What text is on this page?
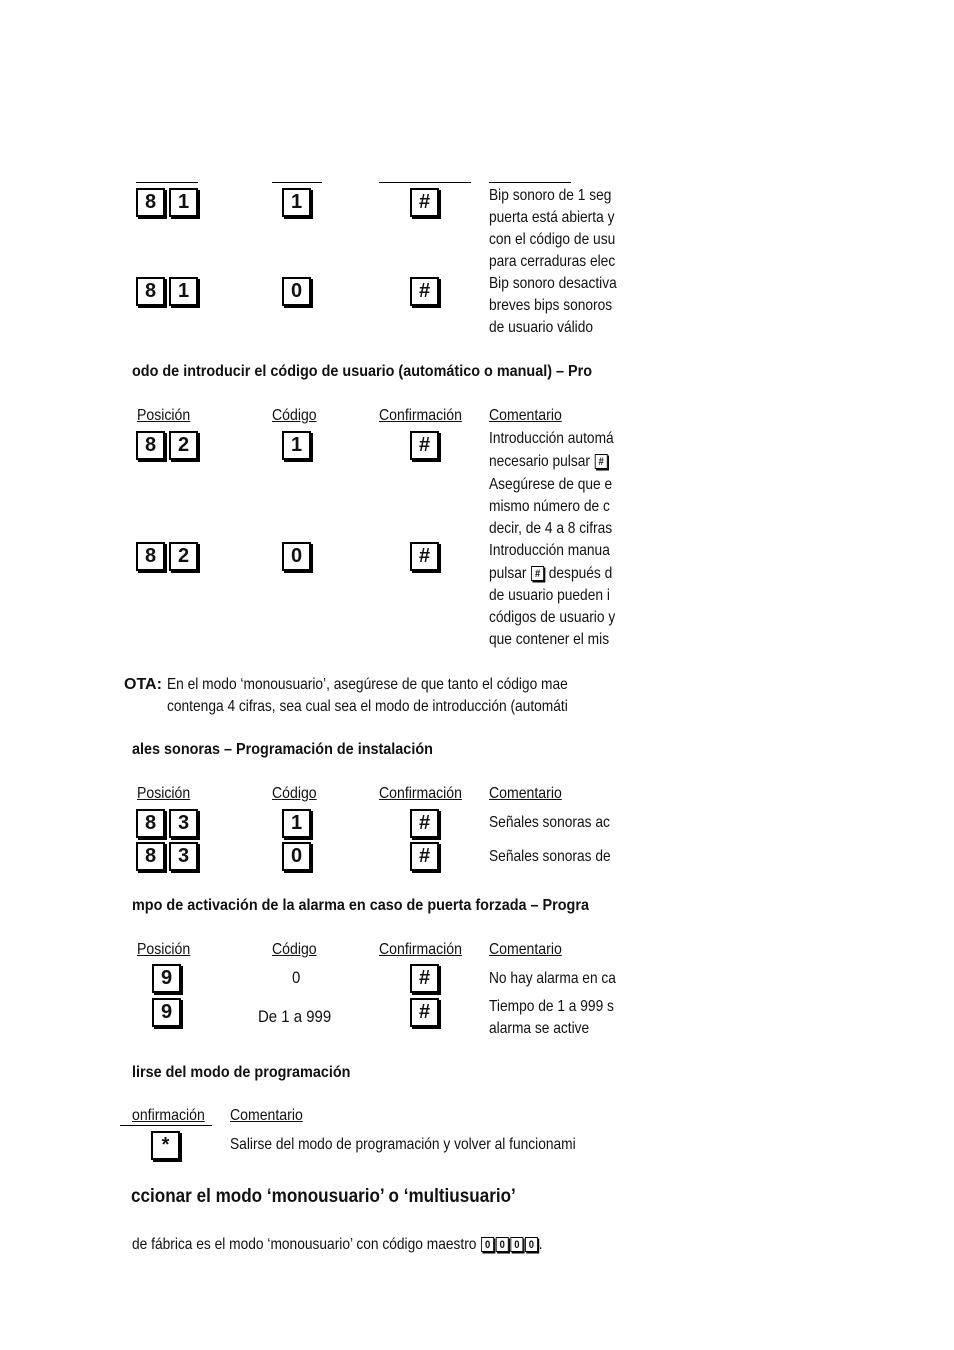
8	1	1	#	Bip sonoro de 1 seg
puerta está abierta y
con el código de usu
para cerraduras elec
8	1	0	#	Bip sonoro desactiva
breves bips sonoros
de usuario válido
odo de introducir el código de usuario (automático o manual) – Pro
Posición	Código	Confirmación Comentario
8	2	1	#	Introducción automá
necesario pulsar #
Asegúrese de que e
mismo número de c
decir, de 4 a 8 cifras
8	2	0	#	Introducción manua
pulsar # después d
de usuario pueden i
códigos de usuario y
que contener el mis
OTA: En el modo ‘monousuario’, asegúrese de que tanto el código mae
contenga 4 cifras, sea cual sea el modo de introducción (automáti
ales sonoras – Programación de instalación
Posición	Código	Confirmación Comentario
8	3	1	#	Señales sonoras ac
8	3	0	#	Señales sonoras de
mpo de activación de la alarma en caso de puerta forzada – Progra
Posición	Código	Confirmación Comentario
9	0	#	No hay alarma en ca
9	De 1 a 999	#	Tiempo de 1 a 999 s
alarma se active
lirse del modo de programación
onfirmación Comentario
*	Salirse del modo de programación y volver al funcionami
ccionar el modo ‘monousuario’ o ‘multiusuario’
de fábrica es el modo ‘monousuario’ con código maestro 0 0 0 0 .
